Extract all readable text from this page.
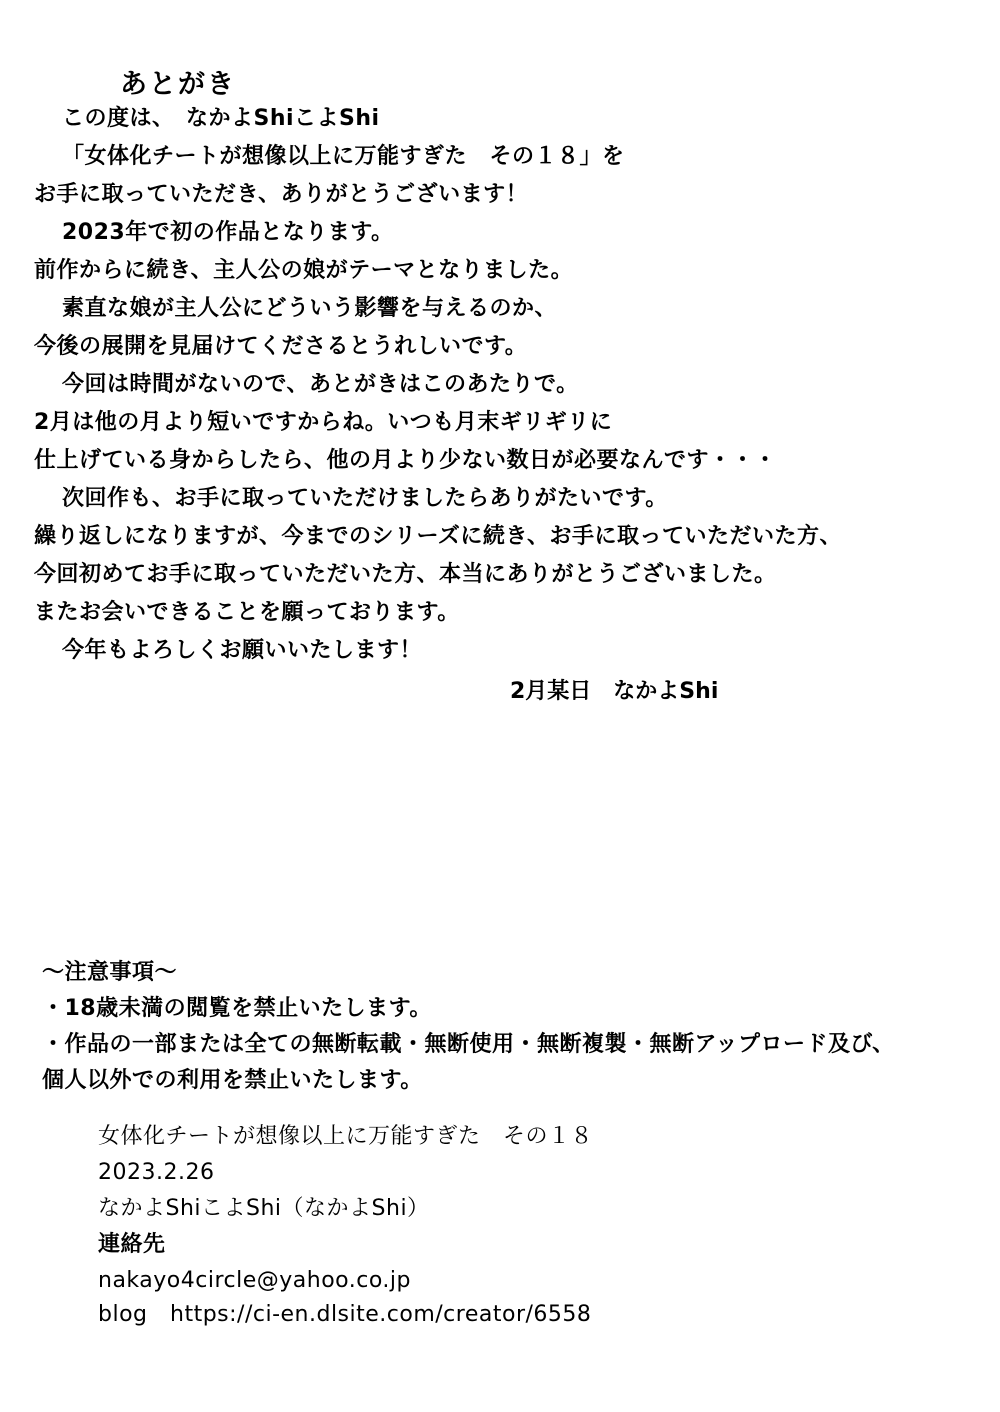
あとがき
この度は、　なかよShiこよShi
「女体化チートが想像以上に万能すぎた　その１８」を
お手に取っていただき、ありがとうございます！
2023年で初の作品となります。
前作からに続き、主人公の娘がテーマとなりました。
素直な娘が主人公にどういう影響を与えるのか、
今後の展開を見届けてくださるとうれしいです。
今回は時間がないので、あとがきはこのあたりで。
2月は他の月より短いですからね。いつも月末ギリギリに
仕上げている身からしたら、他の月より少ない数日が必要なんです・・・
次回作も、お手に取っていただけましたらありがたいです。
繰り返しになりますが、今までのシリーズに続き、お手に取っていただいた方、
今回初めてお手に取っていただいた方、本当にありがとうございました。
またお会いできることを願っております。
今年もよろしくお願いいたします！
2月某日　なかよShi
〜注意事項〜
・18歳未満の閲覧を禁止いたします。
・作品の一部または全ての無断転載・無断使用・無断複製・無断アップロード及び、
個人以外での利用を禁止いたします。
女体化チートが想像以上に万能すぎた　その１８
2023.2.26
なかよShiこよShi（なかよShi）
連絡先
nakayo4circle@yahoo.co.jp
blog　https://ci-en.dlsite.com/creator/6558
